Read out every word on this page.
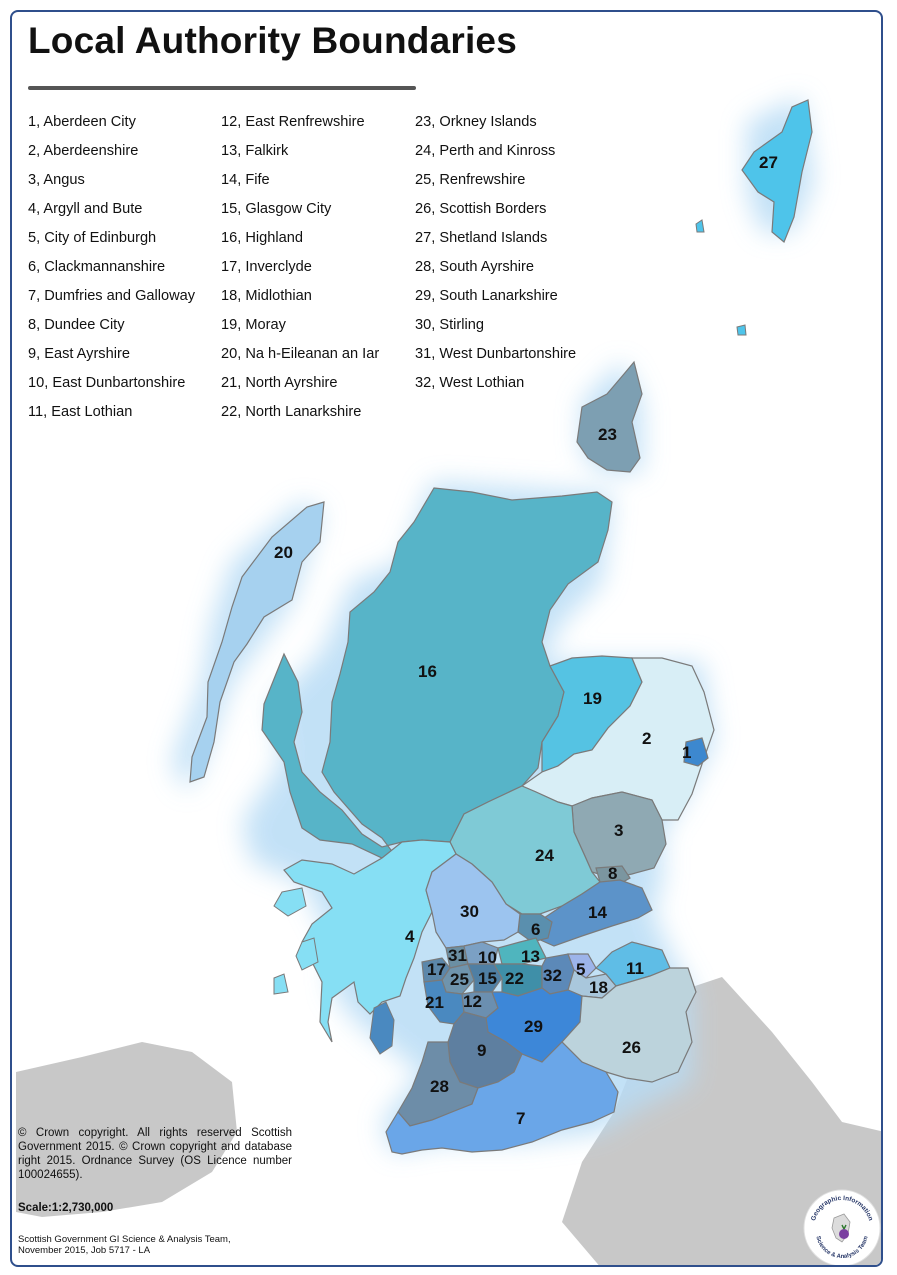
1
2
3
4
5
6
7
8
9
10
11
12
13
14
15
16
17
18
19
20
21
22
23
24
25
26
27
28
29
30
31
32
Local Authority Boundaries
1, Aberdeen City
2, Aberdeenshire
3, Angus
4, Argyll and Bute
5, City of Edinburgh
6, Clackmannanshire
7, Dumfries and Galloway
8, Dundee City
9, East Ayrshire
10, East Dunbartonshire
11, East Lothian
12, East Renfrewshire
13, Falkirk
14, Fife
15, Glasgow City
16, Highland
17, Inverclyde
18, Midlothian
19, Moray
20, Na h-Eileanan an Iar
21, North Ayrshire
22, North Lanarkshire
23, Orkney Islands
24, Perth and Kinross
25, Renfrewshire
26, Scottish Borders
27, Shetland Islands
28, South Ayrshire
29, South Lanarkshire
30, Stirling
31, West Dunbartonshire
32, West Lothian
© Crown copyright. All rights reserved Scottish Government 2015. © Crown copyright and database right 2015. Ordnance Survey (OS Licence number 100024655).
Scale:1:2,730,000
Scottish Government GI Science & Analysis Team, November 2015, Job 5717 - LA
Geographic Information
Science & Analysis Team
